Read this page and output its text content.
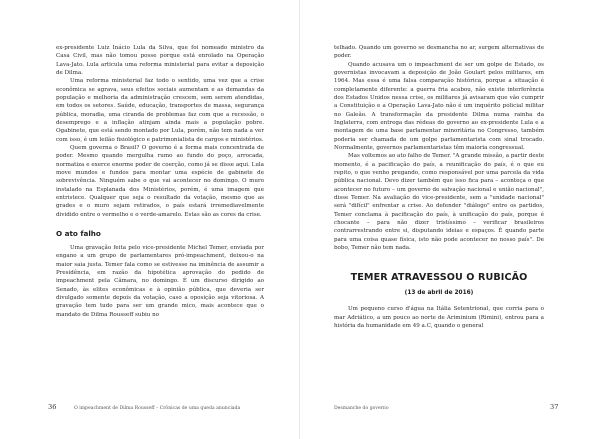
ex-presidente Luiz Inácio Lula da Silva, que foi nomeado ministro da Casa Civil, mas não tomou posse porque está enrolado na Operação Lava-Jato. Lula articula uma reforma ministerial para evitar a deposição de Dilma.

Uma reforma ministerial faz todo o sentido, uma vez que a crise econômica se agrava, seus efeitos sociais aumentam e as demandas da população e melhoria da administração crescem, sem serem atendidas, em todos os setores. Saúde, educação, transportes de massa, segurança pública, moradia, uma ciranda de problemas faz com que a recessão, o desemprego e a inflação atinjam ainda mais a população pobre. Ogabinete, que está sendo montado por Lula, porém, não tem nada a ver com isso, é um leilão fisiológico e patrimonialista de cargos e ministérios.

Quem governa o Brasil? O governo é a forma mais concentrada de poder. Mesmo quando mergulha rumo ao fundo do poço, arrocada, normatiza e exerce enorme poder de coerção, como já se disse aqui. Lula move mundos e fundos para montar uma espécie de gabinete de sobrevivência. Ninguém sabe o que vai acontecer no domingo. O muro instalado na Esplanada dos Ministérios, porém, é uma imagem que entristece. Qualquer que seja o resultado da votação, mesmo que as grades e o muro sejam retirados, o país estará irremediavelmente dividido entre o vermelho e o verde-amarelo. Estas são as cores da crise.

O ato falho

Uma gravação feita pelo vice-presidente Michel Temer, enviada por engano a um grupo de parlamentares pró-impeachment, deixou-o na maior saia justa. Temer fala como se estivesse na iminência de assumir a Presidência, em razão da hipotética aprovação do pedido de impeachment pela Câmara, no domingo. É um discurso dirigido ao Senado, às elites econômicas e à opinião pública, que deveria ser divulgado somente depois da votação, caso a oposição seja vitoriosa. A gravação tem tudo para ser um grande mico, mais acontece que o mandato de Dilma Rousseff subiu no

36	O impeachment de Dilma Rousseff – Crônicas de uma queda anunciada

telhado. Quando um governo se desmancha no ar, surgem alternativas de poder.

Quando acusava um o impeachment de ser um golpe de Estado, os governistas invocavam a deposição de João Goulart pelos militares, em 1964. Mas essa é uma falsa comparação histórica, porque a situação é completamente diferente: a guerra fria acabou, não existe interferência dos Estados Unidos nessa crise, os militares já avisaram que vão cumprir a Constituição e a Operação Lava-Jato não é um inquérito policial militar no Galeão. A transformação da presidente Dilma numa rainha da Inglaterra, com entrega das rédeas do governo ao ex-presidente Lula e a montagem de uma base parlamentar minoritária no Congresso, também poderia ser chamada de um golpe parlamentarista com sinal trocado. Normalmente, governos parlamentaristas têm maioria congressual.

Mas voltemos ao ato falho de Temer. "A grande missão, a partir deste momento, é a pacificação do país, a reunificação do país, é o que eu repito, o que venho pregando, como responsável por uma parcela da vida pública nacional. Devo dizer também que isso fica para – aconteça o que acontecer no futuro – um governo de salvação nacional e união nacional", disse Temer. Na avaliação do vice-presidente, sem a "unidade nacional" será "difícil" enfrentar a crise. Ao defender "diálogo" entre os partidos, Temer conclama à pacificação do país, à unificação do país, porque é chocante – para não dizer tristíssimo – verificar brasileiros contrarrestrando entre si, disputando ideias e espaços. É quando parte para uma coisa quase física, isto não pode acontecer no nosso país". De bobo, Temer não tem nada.

TEMER ATRAVESSOU O RUBICÃO
(13 de abril de 2016)

Um pequeno curso d'água na Itália Setentrional, que corria para o mar Adriático, a um pouco ao norte de Ariminium (Rimini), entrou para a história da humanidade em 49 a.C, quando o general

Desmanche do governo	37
